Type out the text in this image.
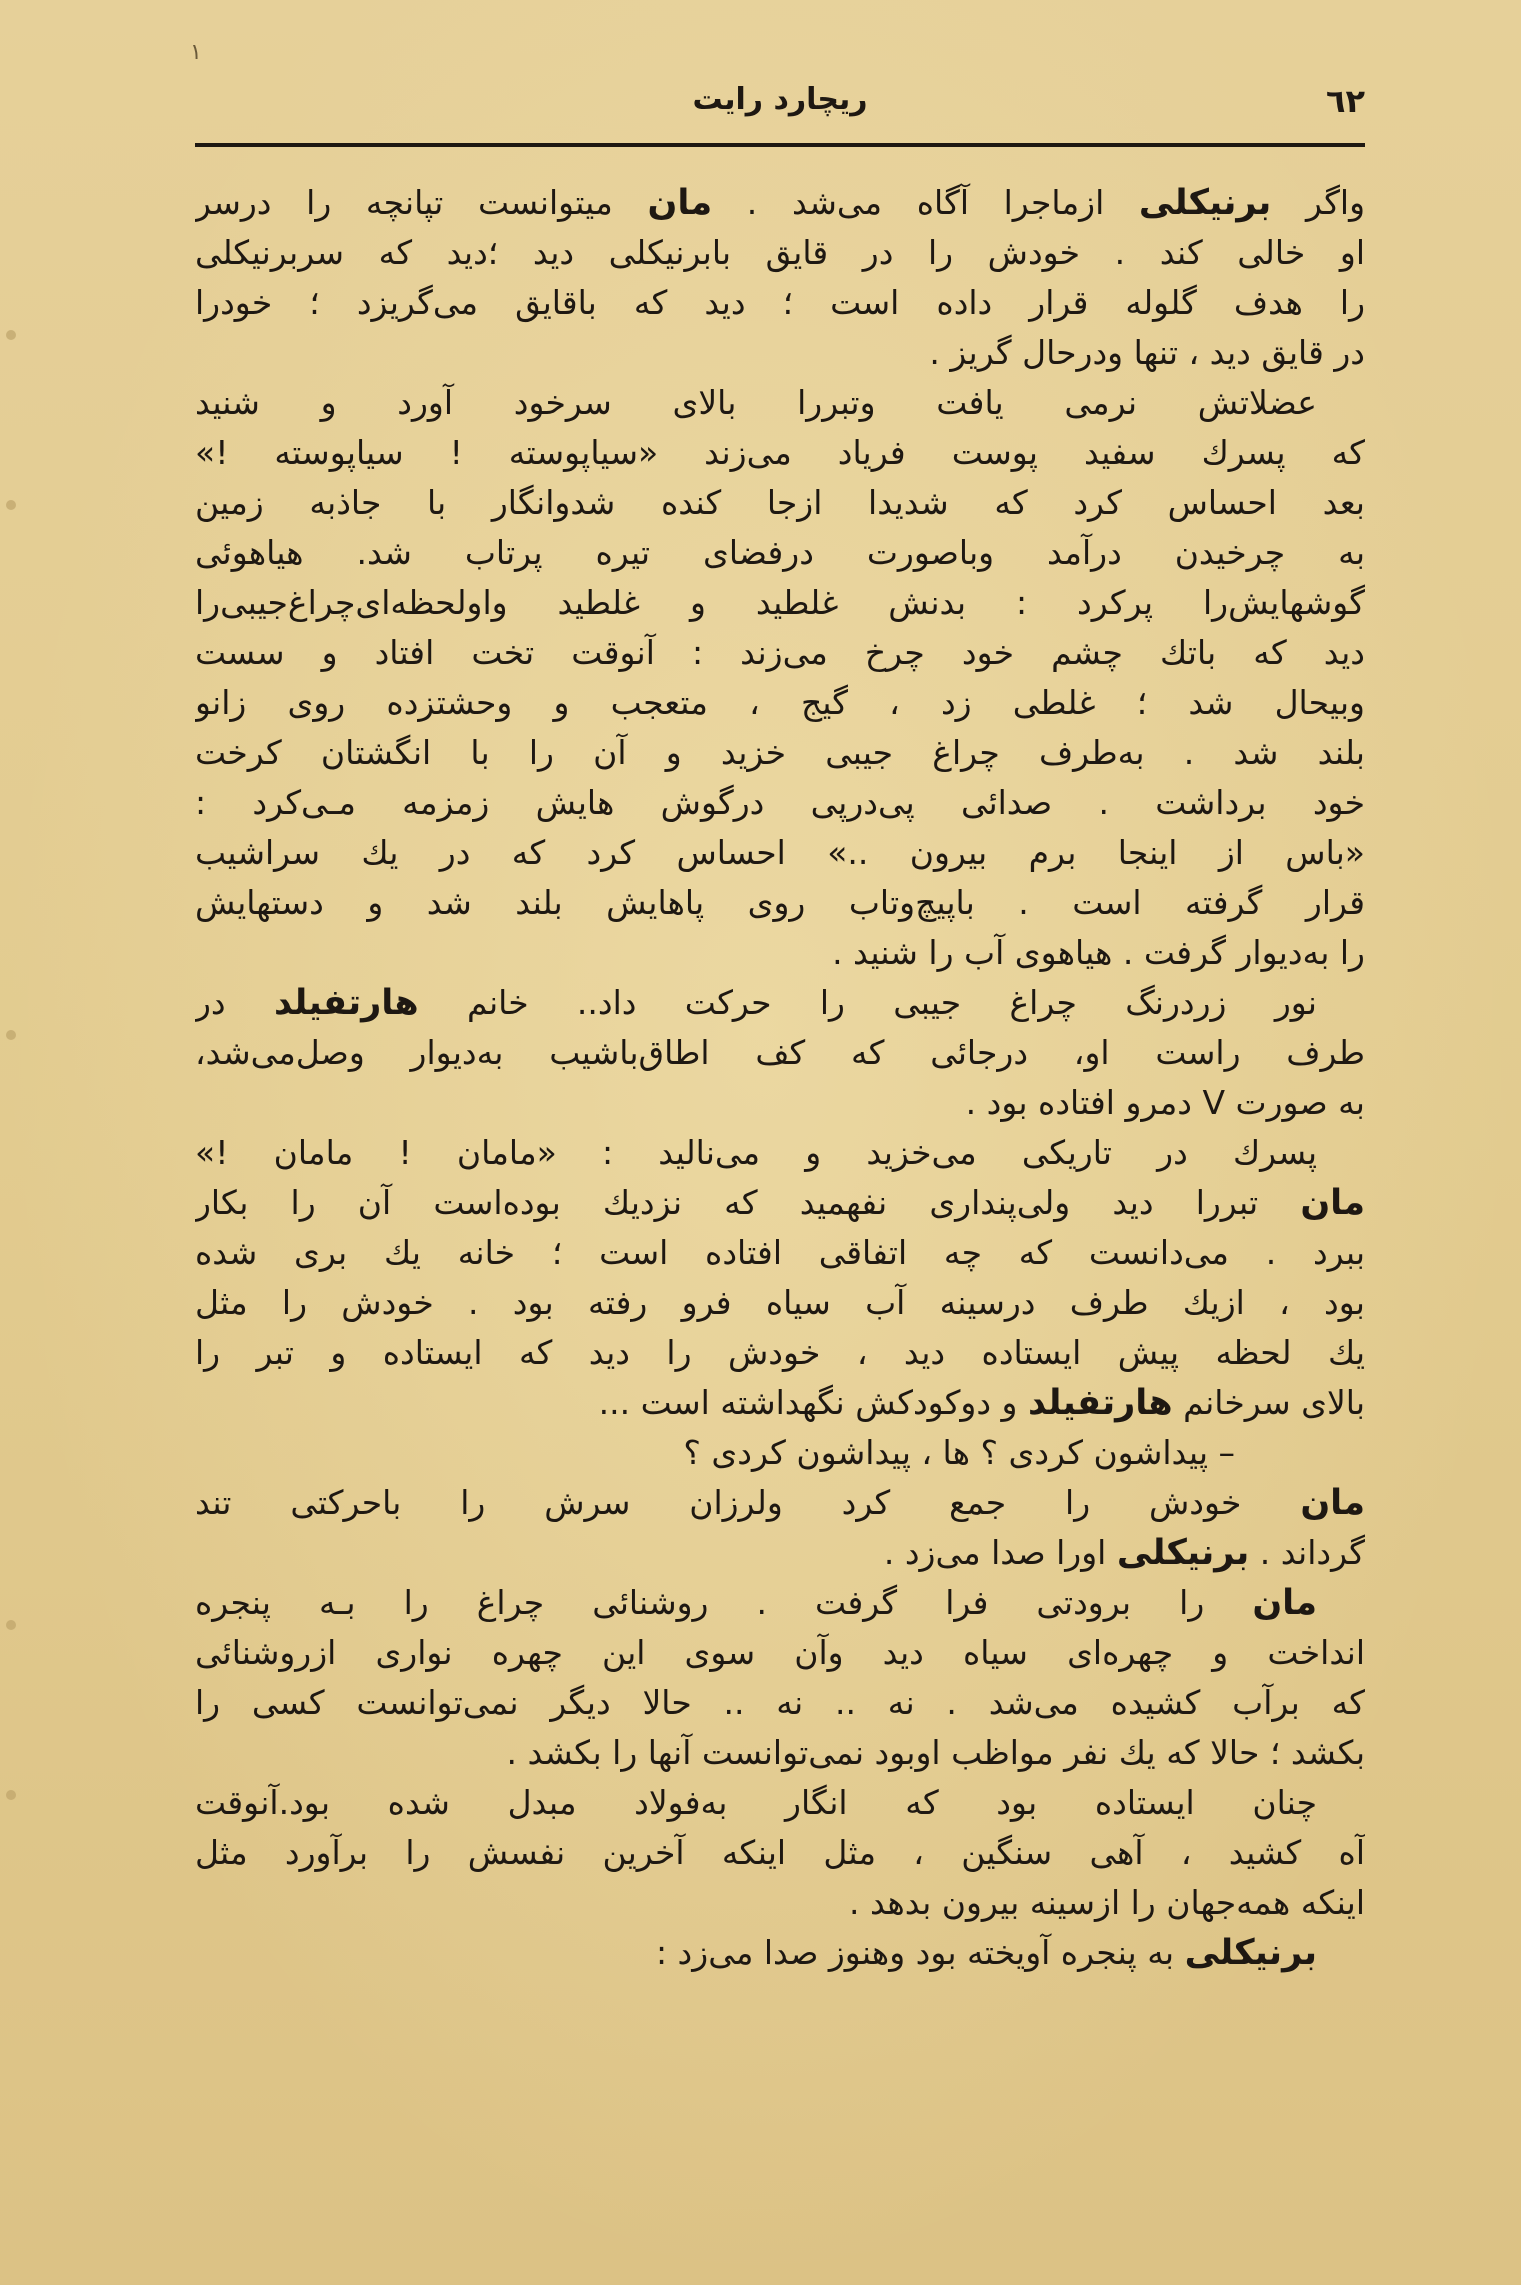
۱
٦٢
ریچارد رایت
واگر برنیکلی ازماجرا آگاه می‌شد . مان میتوانست تپانچه را درسر
او خالی کند . خودش را در قایق بابرنیکلی دید ؛دید که سربرنیکلی
را هدف گلوله قرار داده است ؛ دید که باقایق می‌گریزد ؛ خودرا
در قایق دید ، تنها ودرحال گریز .
عضلاتش نرمی یافت وتبررا بالای سرخود آورد و شنید
که پسرك سفید پوست فریاد می‌زند «سیاپوسته ! سیاپوسته !»
بعد احساس کرد که شدیدا ازجا کنده شدوانگار با جاذبه زمین
به چرخیدن درآمد وباصورت درفضای تیره پرتاب شد. هیاهوئی
گوشهایش‌را پرکرد : بدنش غلطید و غلطید واولحظه‌ای‌چراغ‌جیبی‌را
دید که باتك چشم خود چرخ می‌زند : آنوقت تخت افتاد و سست
وبیحال شد ؛ غلطی زد ، گیج ، متعجب و وحشتزده روی زانو
بلند شد . به‌طرف چراغ جیبی خزید و آن را با انگشتان کرخت
خود برداشت . صدائی پی‌درپی درگوش هایش زمزمه مـی‌کرد :
«باس از اینجا برم بیرون ..» احساس کرد که در یك سراشیب
قرار گرفته است . باپیچ‌وتاب روی پاهایش بلند شد و دستهایش
را به‌دیوار گرفت . هیاهوی آب را شنید .
نور زردرنگ چراغ جیبی را حرکت داد.. خانم هارتفیلد در
طرف راست او، درجائی که کف اطاق‌باشیب به‌دیوار وصل‌می‌شد،
به صورت V دمرو افتاده بود .
پسرك در تاریکی می‌خزید و می‌نالید : «مامان ! مامان !»
مان تبررا دید ولی‌پنداری نفهمید که نزدیك بوده‌است آن را بکار
ببرد . می‌دانست که چه اتفاقی افتاده است ؛ خانه یك بری شده
بود ، ازیك طرف درسینه آب سیاه فرو رفته بود . خودش را مثل
یك لحظه پیش ایستاده دید ، خودش را دید که ایستاده و تبر را
بالای سرخانم هارتفیلد و دوکودکش نگهداشته است ...
– پیداشون کردی ؟ ها ، پیداشون کردی ؟
مان خودش را جمع کرد ولرزان سرش را باحرکتی تند
گرداند . برنیکلی اورا صدا می‌زد .
مان را برودتی فرا گرفت . روشنائی چراغ را بـه پنجره
انداخت و چهره‌ای سیاه دید وآن سوی این چهره نواری ازروشنائی
که برآب کشیده می‌شد . نه .. نه .. حالا دیگر نمی‌توانست کسی را
بکشد ؛ حالا که یك نفر مواظب اوبود نمی‌توانست آنها را بکشد .
چنان ایستاده بود که انگار به‌فولاد مبدل شده بود.آنوقت
آه کشید ، آهی سنگین ، مثل اینکه آخرین نفسش را برآورد مثل
اینکه همه‌جهان را ازسینه بیرون بدهد .
برنیکلی به پنجره آویخته بود وهنوز صدا می‌زد :
